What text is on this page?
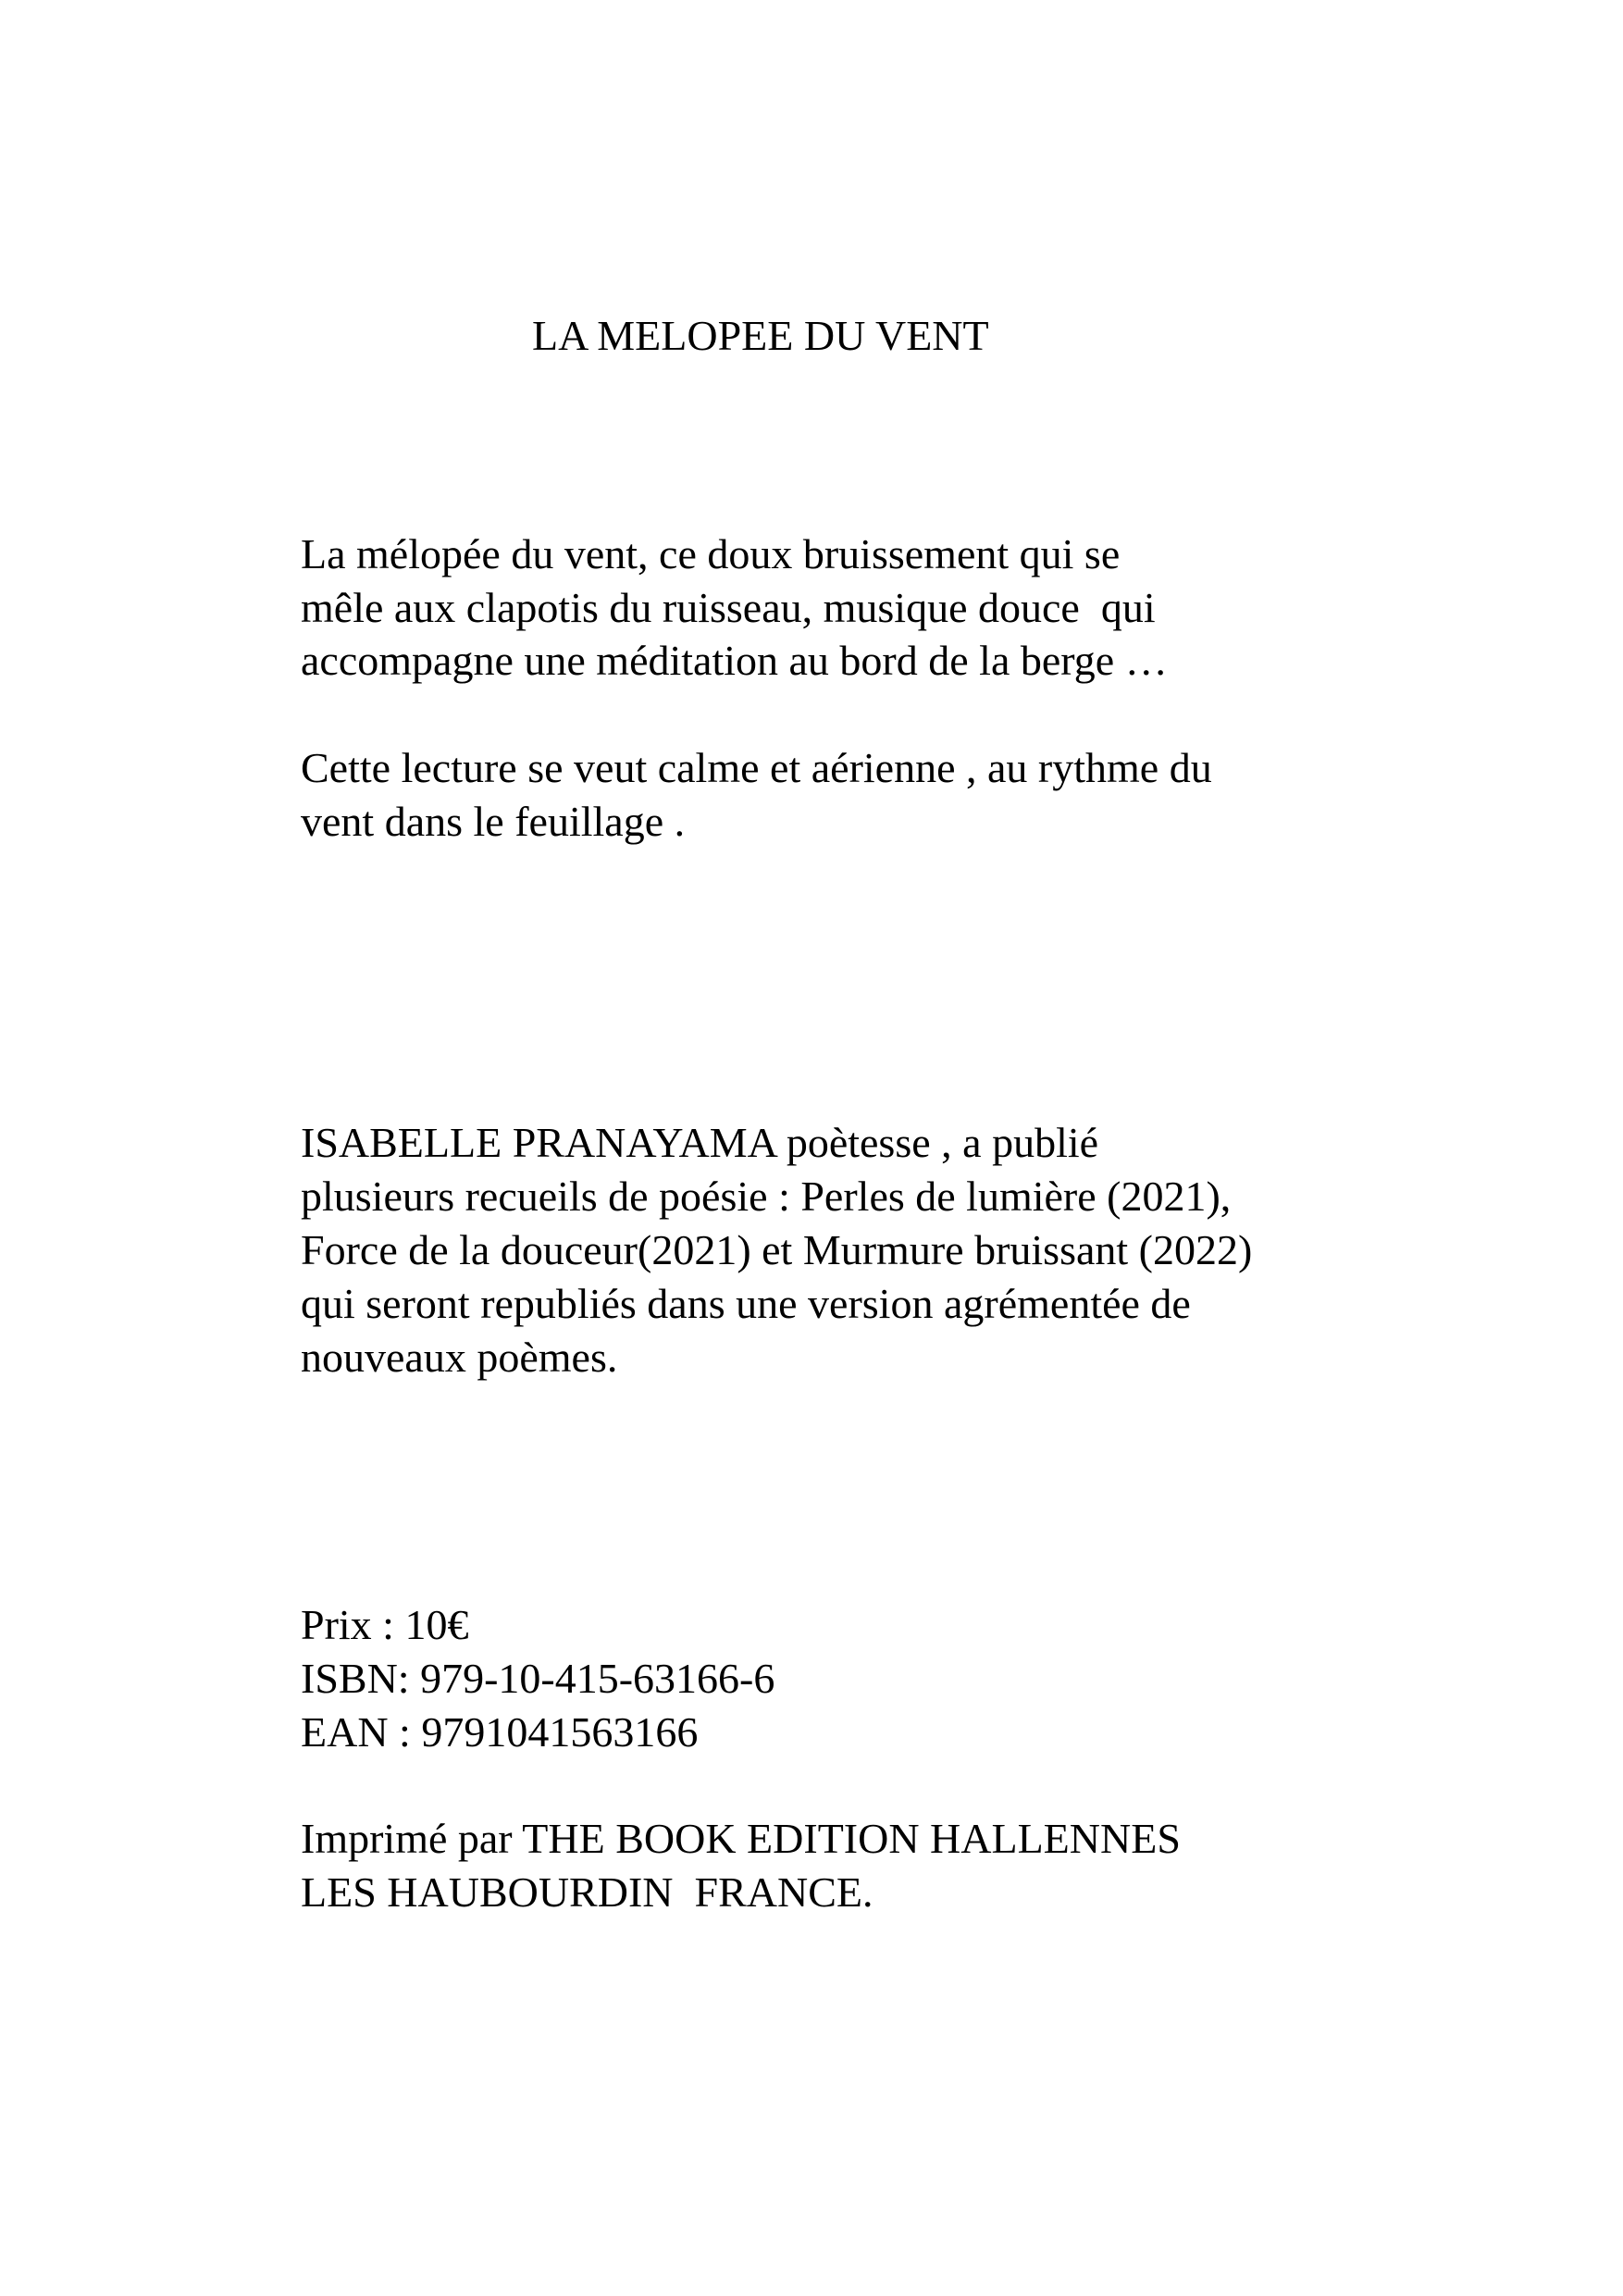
LA MELOPEE DU VENT

La mélopée du vent, ce doux bruissement qui se

mêle aux clapotis du ruisseau, musique douce  qui

accompagne une méditation au bord de la berge …

Cette lecture se veut calme et aérienne , au rythme du

vent dans le feuillage .

ISABELLE PRANAYAMA poètesse , a publié

plusieurs recueils de poésie : Perles de lumière (2021),

Force de la douceur(2021) et Murmure bruissant (2022)

qui seront republiés dans une version agrémentée de

nouveaux poèmes.

Prix : 10€

ISBN: 979-10-415-63166-6

EAN : 9791041563166

Imprimé par THE BOOK EDITION HALLENNES

LES HAUBOURDIN  FRANCE.
